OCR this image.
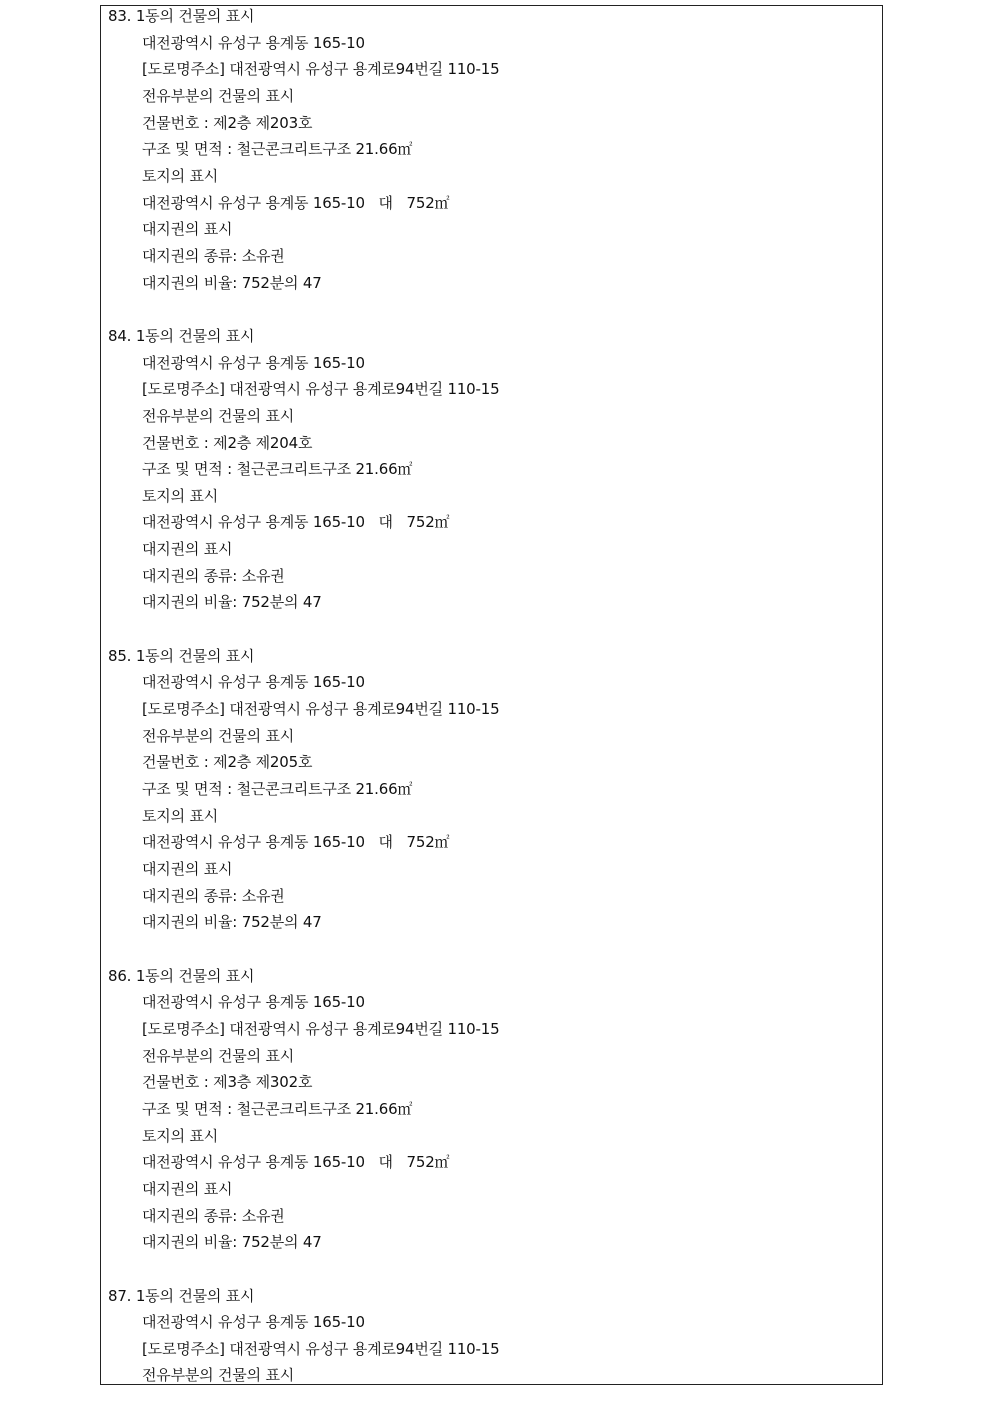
83. 1동의 건물의 표시
대전광역시 유성구 용계동 165-10
[도로명주소] 대전광역시 유성구 용계로94번길 110-15
전유부분의 건물의 표시
건물번호 : 제2층 제203호
구조 및 면적 : 철근콘크리트구조 21.66㎡
토지의 표시
대전광역시 유성구 용계동 165-10   대   752㎡
대지권의 표시
대지권의 종류: 소유권
대지권의 비율: 752분의 47
84. 1동의 건물의 표시
대전광역시 유성구 용계동 165-10
[도로명주소] 대전광역시 유성구 용계로94번길 110-15
전유부분의 건물의 표시
건물번호 : 제2층 제204호
구조 및 면적 : 철근콘크리트구조 21.66㎡
토지의 표시
대전광역시 유성구 용계동 165-10   대   752㎡
대지권의 표시
대지권의 종류: 소유권
대지권의 비율: 752분의 47
85. 1동의 건물의 표시
대전광역시 유성구 용계동 165-10
[도로명주소] 대전광역시 유성구 용계로94번길 110-15
전유부분의 건물의 표시
건물번호 : 제2층 제205호
구조 및 면적 : 철근콘크리트구조 21.66㎡
토지의 표시
대전광역시 유성구 용계동 165-10   대   752㎡
대지권의 표시
대지권의 종류: 소유권
대지권의 비율: 752분의 47
86. 1동의 건물의 표시
대전광역시 유성구 용계동 165-10
[도로명주소] 대전광역시 유성구 용계로94번길 110-15
전유부분의 건물의 표시
건물번호 : 제3층 제302호
구조 및 면적 : 철근콘크리트구조 21.66㎡
토지의 표시
대전광역시 유성구 용계동 165-10   대   752㎡
대지권의 표시
대지권의 종류: 소유권
대지권의 비율: 752분의 47
87. 1동의 건물의 표시
대전광역시 유성구 용계동 165-10
[도로명주소] 대전광역시 유성구 용계로94번길 110-15
전유부분의 건물의 표시
